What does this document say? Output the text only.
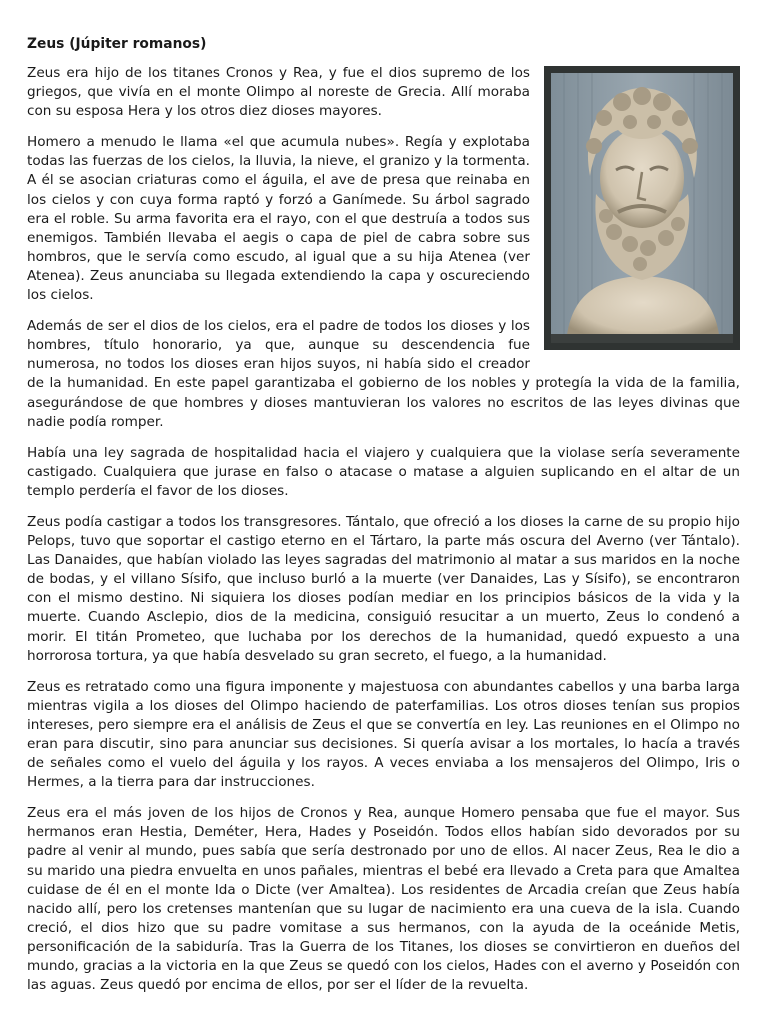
Zeus (Júpiter romanos)

Zeus era hijo de los titanes Cronos y Rea, y fue el dios supremo de los griegos, que vivía en el monte Olimpo al noreste de Grecia. Allí moraba con su esposa Hera y los otros diez dioses mayores.

Homero a menudo le llama «el que acumula nubes». Regía y explotaba todas las fuerzas de los cielos, la lluvia, la nieve, el granizo y la tormenta. A él se asocian criaturas como el águila, el ave de presa que reinaba en los cielos y con cuya forma raptó y forzó a Ganímede. Su árbol sagrado era el roble. Su arma favorita era el rayo, con el que destruía a todos sus enemigos. También llevaba el aegis o capa de piel de cabra sobre sus hombros, que le servía como escudo, al igual que a su hija Atenea (ver Atenea). Zeus anunciaba su llegada extendiendo la capa y oscureciendo los cielos.

Además de ser el dios de los cielos, era el padre de todos los dioses y los hombres, título honorario, ya que, aunque su descendencia fue numerosa, no todos los dioses eran hijos suyos, ni había sido el creador de la humanidad. En este papel garantizaba el gobierno de los nobles y protegía la vida de la familia, asegurándose de que hombres y dioses mantuvieran los valores no escritos de las leyes divinas que nadie podía romper.

Había una ley sagrada de hospitalidad hacia el viajero y cualquiera que la violase sería severamente castigado. Cualquiera que jurase en falso o atacase o matase a alguien suplicando en el altar de un templo perdería el favor de los dioses.

Zeus podía castigar a todos los transgresores. Tántalo, que ofreció a los dioses la carne de su propio hijo Pelops, tuvo que soportar el castigo eterno en el Tártaro, la parte más oscura del Averno (ver Tántalo). Las Danaides, que habían violado las leyes sagradas del matrimonio al matar a sus maridos en la noche de bodas, y el villano Sísifo, que incluso burló a la muerte (ver Danaides, Las y Sísifo), se encontraron con el mismo destino. Ni siquiera los dioses podían mediar en los principios básicos de la vida y la muerte. Cuando Asclepio, dios de la medicina, consiguió resucitar a un muerto, Zeus lo condenó a morir. El titán Prometeo, que luchaba por los derechos de la humanidad, quedó expuesto a una horrorosa tortura, ya que había desvelado su gran secreto, el fuego, a la humanidad.

Zeus es retratado como una figura imponente y majestuosa con abundantes cabellos y una barba larga mientras vigila a los dioses del Olimpo haciendo de paterfamilias. Los otros dioses tenían sus propios intereses, pero siempre era el análisis de Zeus el que se convertía en ley. Las reuniones en el Olimpo no eran para discutir, sino para anunciar sus decisiones. Si quería avisar a los mortales, lo hacía a través de señales como el vuelo del águila y los rayos. A veces enviaba a los mensajeros del Olimpo, Iris o Hermes, a la tierra para dar instrucciones.

Zeus era el más joven de los hijos de Cronos y Rea, aunque Homero pensaba que fue el mayor. Sus hermanos eran Hestia, Deméter, Hera, Hades y Poseidón. Todos ellos habían sido devorados por su padre al venir al mundo, pues sabía que sería destronado por uno de ellos. Al nacer Zeus, Rea le dio a su marido una piedra envuelta en unos pañales, mientras el bebé era llevado a Creta para que Amaltea cuidase de él en el monte Ida o Dicte (ver Amaltea). Los residentes de Arcadia creían que Zeus había nacido allí, pero los cretenses mantenían que su lugar de nacimiento era una cueva de la isla. Cuando creció, el dios hizo que su padre vomitase a sus hermanos, con la ayuda de la oceánide Metis, personificación de la sabiduría. Tras la Guerra de los Titanes, los dioses se convirtieron en dueños del mundo, gracias a la victoria en la que Zeus se quedó con los cielos, Hades con el averno y Poseidón con las aguas. Zeus quedó por encima de ellos, por ser el líder de la revuelta.
